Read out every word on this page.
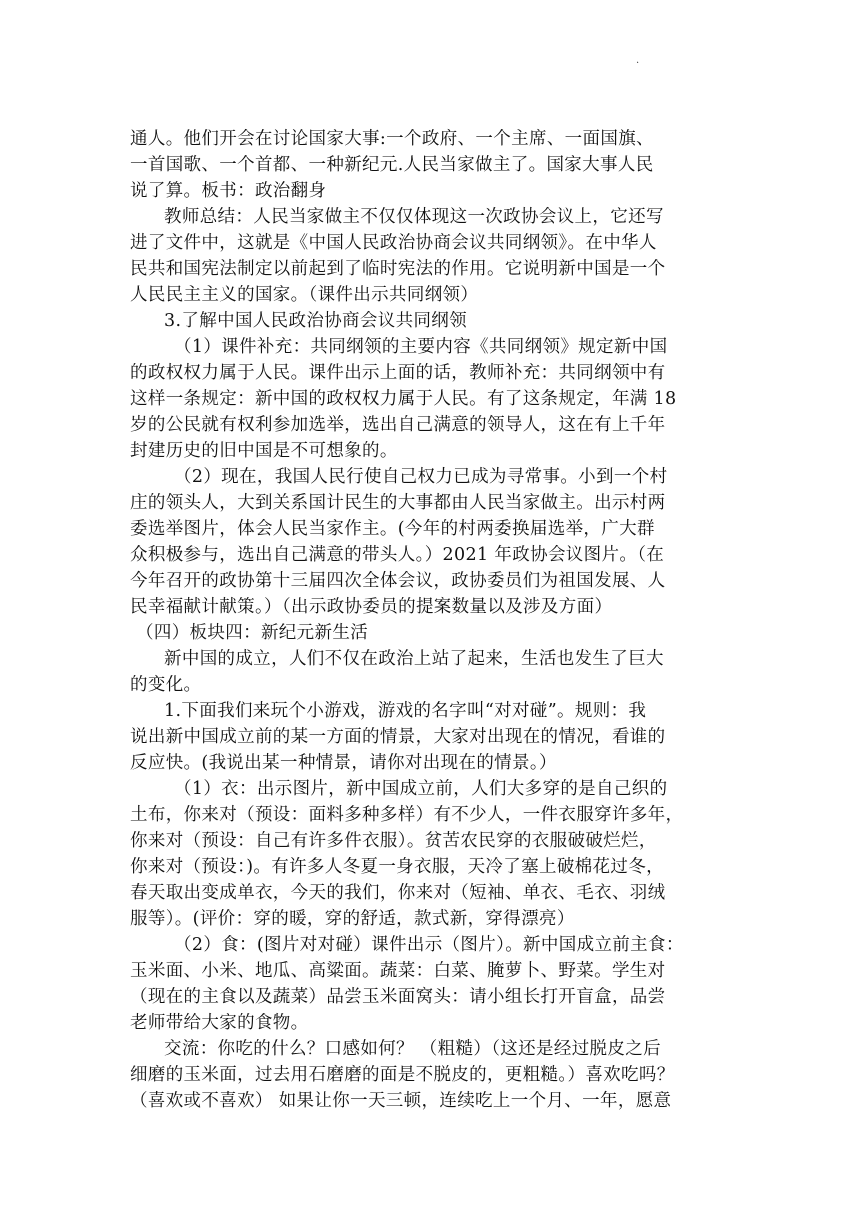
.
通人。他们开会在讨论国家大事:一个政府、一个主席、一面国旗、
一首国歌、一个首都、一种新纪元.人民当家做主了。国家大事人民
说了算。板书：政治翻身
教师总结：人民当家做主不仅仅体现这一次政协会议上，它还写
进了文件中，这就是《中国人民政治协商会议共同纲领》。在中华人
民共和国宪法制定以前起到了临时宪法的作用。它说明新中国是一个
人民民主主义的国家。（课件出示共同纲领）
3.了解中国人民政治协商会议共同纲领
（1）课件补充：共同纲领的主要内容《共同纲领》规定新中国
的政权权力属于人民。课件出示上面的话，教师补充：共同纲领中有
这样一条规定：新中国的政权权力属于人民。有了这条规定，年满 18
岁的公民就有权利参加选举，选出自己满意的领导人，这在有上千年
封建历史的旧中国是不可想象的。
（2）现在，我国人民行使自己权力已成为寻常事。小到一个村
庄的领头人，大到关系国计民生的大事都由人民当家做主。出示村两
委选举图片，体会人民当家作主。(今年的村两委换届选举，广大群
众积极参与，选出自己满意的带头人。）2021 年政协会议图片。（在
今年召开的政协第十三届四次全体会议，政协委员们为祖国发展、人
民幸福献计献策。）（出示政协委员的提案数量以及涉及方面）
（四）板块四：新纪元新生活
新中国的成立，人们不仅在政治上站了起来，生活也发生了巨大
的变化。
1.下面我们来玩个小游戏，游戏的名字叫“对对碰”。规则：我
说出新中国成立前的某一方面的情景，大家对出现在的情况，看谁的
反应快。(我说出某一种情景，请你对出现在的情景。）
（1）衣：出示图片，新中国成立前，人们大多穿的是自己织的
土布，你来对（预设：面料多种多样）有不少人，一件衣服穿许多年，
你来对（预设：自己有许多件衣服）。贫苦农民穿的衣服破破烂烂，
你来对（预设：)。有许多人冬夏一身衣服，天冷了塞上破棉花过冬，
春天取出变成单衣，今天的我们，你来对（短袖、单衣、毛衣、羽绒
服等）。(评价：穿的暖，穿的舒适，款式新，穿得漂亮）
（2）食：(图片对对碰）课件出示（图片）。新中国成立前主食：
玉米面、小米、地瓜、高粱面。蔬菜：白菜、腌萝卜、野菜。学生对
（现在的主食以及蔬菜）品尝玉米面窝头：请小组长打开盲盒，品尝
老师带给大家的食物。
交流：你吃的什么？口感如何？ （粗糙）（这还是经过脱皮之后
细磨的玉米面，过去用石磨磨的面是不脱皮的，更粗糙。）喜欢吃吗？
（喜欢或不喜欢） 如果让你一天三顿，连续吃上一个月、一年，愿意
